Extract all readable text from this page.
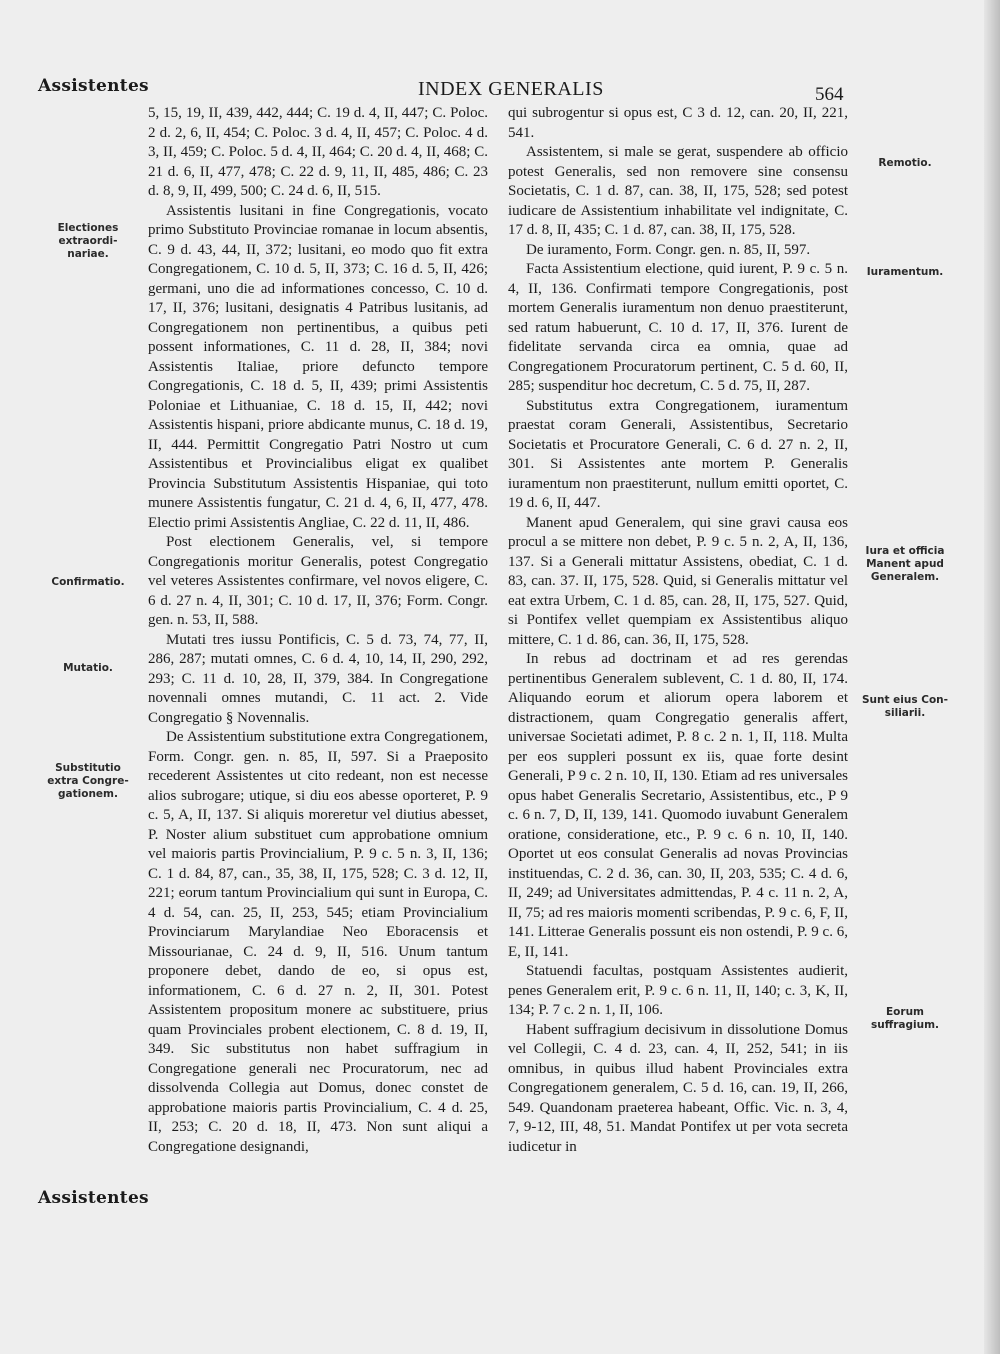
Assistentes	INDEX GENERALIS	564
Electiones
extraordi-
nariae.
Confirmatio.
Mutatio.
Substitutio
extra Congre-
gationem.
Remotio.
Iuramentum.
Iura et officia
Manent apud
Generalem.
Sunt eius Con-
siliarii.
Eorum
suffragium.

5, 15, 19, II, 439, 442, 444; C. 19 d. 4, II, 447; C. Poloc. 2 d. 2, 6, II, 454; C. Poloc. 3 d. 4, II, 457; C. Poloc. 4 d. 3, II, 459; C. Poloc. 5 d. 4, II, 464; C. 20 d. 4, II, 468; C. 21 d. 6, II, 477, 478; C. 22 d. 9, 11, II, 485, 486; C. 23 d. 8, 9, II, 499, 500; C. 24 d. 6, II, 515.

Assistentis lusitani in fine Congregationis, vocato primo Substituto Provinciae romanae in locum absentis, C. 9 d. 43, 44, II, 372; lusitani, eo modo quo fit extra Congregationem, C. 10 d. 5, II, 373; C. 16 d. 5, II, 426; germani, uno die ad informationes concesso, C. 10 d. 17, II, 376; lusitani, designatis 4 Patribus lusitanis, ad Congregationem non pertinentibus, a quibus peti possent informationes, C. 11 d. 28, II, 384; novi Assistentis Italiae, priore defuncto tempore Congregationis, C. 18 d. 5, II, 439; primi Assistentis Poloniae et Lithuaniae, C. 18 d. 15, II, 442; novi Assistentis hispani, priore abdicante munus, C. 18 d. 19, II, 444. Permittit Congregatio Patri Nostro ut cum Assistentibus et Provincialibus eligat ex qualibet Provincia Substitutum Assistentis Hispaniae, qui toto munere Assistentis fungatur, C. 21 d. 4, 6, II, 477, 478. Electio primi Assistentis Angliae, C. 22 d. 11, II, 486.

Post electionem Generalis, vel, si tempore Congregationis moritur Generalis, potest Congregatio vel veteres Assistentes confirmare, vel novos eligere, C. 6 d. 27 n. 4, II, 301; C. 10 d. 17, II, 376; Form. Congr. gen. n. 53, II, 588.

Mutati tres iussu Pontificis, C. 5 d. 73, 74, 77, II, 286, 287; mutati omnes, C. 6 d. 4, 10, 14, II, 290, 292, 293; C. 11 d. 10, 28, II, 379, 384. In Congregatione novennali omnes mutandi, C. 11 act. 2. Vide Congregatio § Novennalis.

De Assistentium substitutione extra Congregationem, Form. Congr. gen. n. 85, II, 597. Si a Praeposito recederent Assistentes ut cito redeant, non est necesse alios subrogare; utique, si diu eos abesse oporteret, P. 9 c. 5, A, II, 137. Si aliquis moreretur vel diutius abesset, P. Noster alium substituet cum approbatione omnium vel maioris partis Provincialium, P. 9 c. 5 n. 3, II, 136; C. 1 d. 84, 87, can., 35, 38, II, 175, 528; C. 3 d. 12, II, 221; eorum tantum Provincialium qui sunt in Europa, C. 4 d. 54, can. 25, II, 253, 545; etiam Provincialium Provinciarum Marylandiae Neo Eboracensis et Missourianae, C. 24 d. 9, II, 516. Unum tantum proponere debet, dando de eo, si opus est, informationem, C. 6 d. 27 n. 2, II, 301. Potest Assistentem propositum monere ac substituere, prius quam Provinciales probent electionem, C. 8 d. 19, II, 349. Sic substitutus non habet suffragium in Congregatione generali nec Procuratorum, nec ad dissolvenda Collegia aut Domus, donec constet de approbatione maioris partis Provincialium, C. 4 d. 25, II, 253; C. 20 d. 18, II, 473. Non sunt aliqui a Congregatione designandi,

qui subrogentur si opus est, C 3 d. 12, can. 20, II, 221, 541.

Assistentem, si male se gerat, suspendere ab officio potest Generalis, sed non removere sine consensu Societatis, C. 1 d. 87, can. 38, II, 175, 528; sed potest iudicare de Assistentium inhabilitate vel indignitate, C. 17 d. 8, II, 435; C. 1 d. 87, can. 38, II, 175, 528.

De iuramento, Form. Congr. gen. n. 85, II, 597.

Facta Assistentium electione, quid iurent, P. 9 c. 5 n. 4, II, 136. Confirmati tempore Congregationis, post mortem Generalis iuramentum non denuo praestiterunt, sed ratum habuerunt, C. 10 d. 17, II, 376. Iurent de fidelitate servanda circa ea omnia, quae ad Congregationem Procuratorum pertinent, C. 5 d. 60, II, 285; suspenditur hoc decretum, C. 5 d. 75, II, 287.

Substitutus extra Congregationem, iuramentum praestat coram Generali, Assistentibus, Secretario Societatis et Procuratore Generali, C. 6 d. 27 n. 2, II, 301. Si Assistentes ante mortem P. Generalis iuramentum non praestiterunt, nullum emitti oportet, C. 19 d. 6, II, 447.

Manent apud Generalem, qui sine gravi causa eos procul a se mittere non debet, P. 9 c. 5 n. 2, A, II, 136, 137. Si a Generali mittatur Assistens, obediat, C. 1 d. 83, can. 37. II, 175, 528. Quid, si Generalis mittatur vel eat extra Urbem, C. 1 d. 85, can. 28, II, 175, 527. Quid, si Pontifex vellet quempiam ex Assistentibus aliquo mittere, C. 1 d. 86, can. 36, II, 175, 528.

In rebus ad doctrinam et ad res gerendas pertinentibus Generalem sublevent, C. 1 d. 80, II, 174. Aliquando eorum et aliorum opera laborem et distractionem, quam Congregatio generalis affert, universae Societati adimet, P. 8 c. 2 n. 1, II, 118. Multa per eos suppleri possunt ex iis, quae forte desint Generali, P 9 c. 2 n. 10, II, 130. Etiam ad res universales opus habet Generalis Secretario, Assistentibus, etc., P 9 c. 6 n. 7, D, II, 139, 141. Quomodo iuvabunt Generalem oratione, consideratione, etc., P. 9 c. 6 n. 10, II, 140. Oportet ut eos consulat Generalis ad novas Provincias instituendas, C. 2 d. 36, can. 30, II, 203, 535; C. 4 d. 6, II, 249; ad Universitates admittendas, P. 4 c. 11 n. 2, A, II, 75; ad res maioris momenti scribendas, P. 9 c. 6, F, II, 141. Litterae Generalis possunt eis non ostendi, P. 9 c. 6, E, II, 141.

Statuendi facultas, postquam Assistentes audierit, penes Generalem erit, P. 9 c. 6 n. 11, II, 140; c. 3, K, II, 134; P. 7 c. 2 n. 1, II, 106.

Habent suffragium decisivum in dissolutione Domus vel Collegii, C. 4 d. 23, can. 4, II, 252, 541; in iis omnibus, in quibus illud habent Provinciales extra Congregationem generalem, C. 5 d. 16, can. 19, II, 266, 549. Quandonam praeterea habeant, Offic. Vic. n. 3, 4, 7, 9-12, III, 48, 51. Mandat Pontifex ut per vota secreta iudicetur in

Assistentes
